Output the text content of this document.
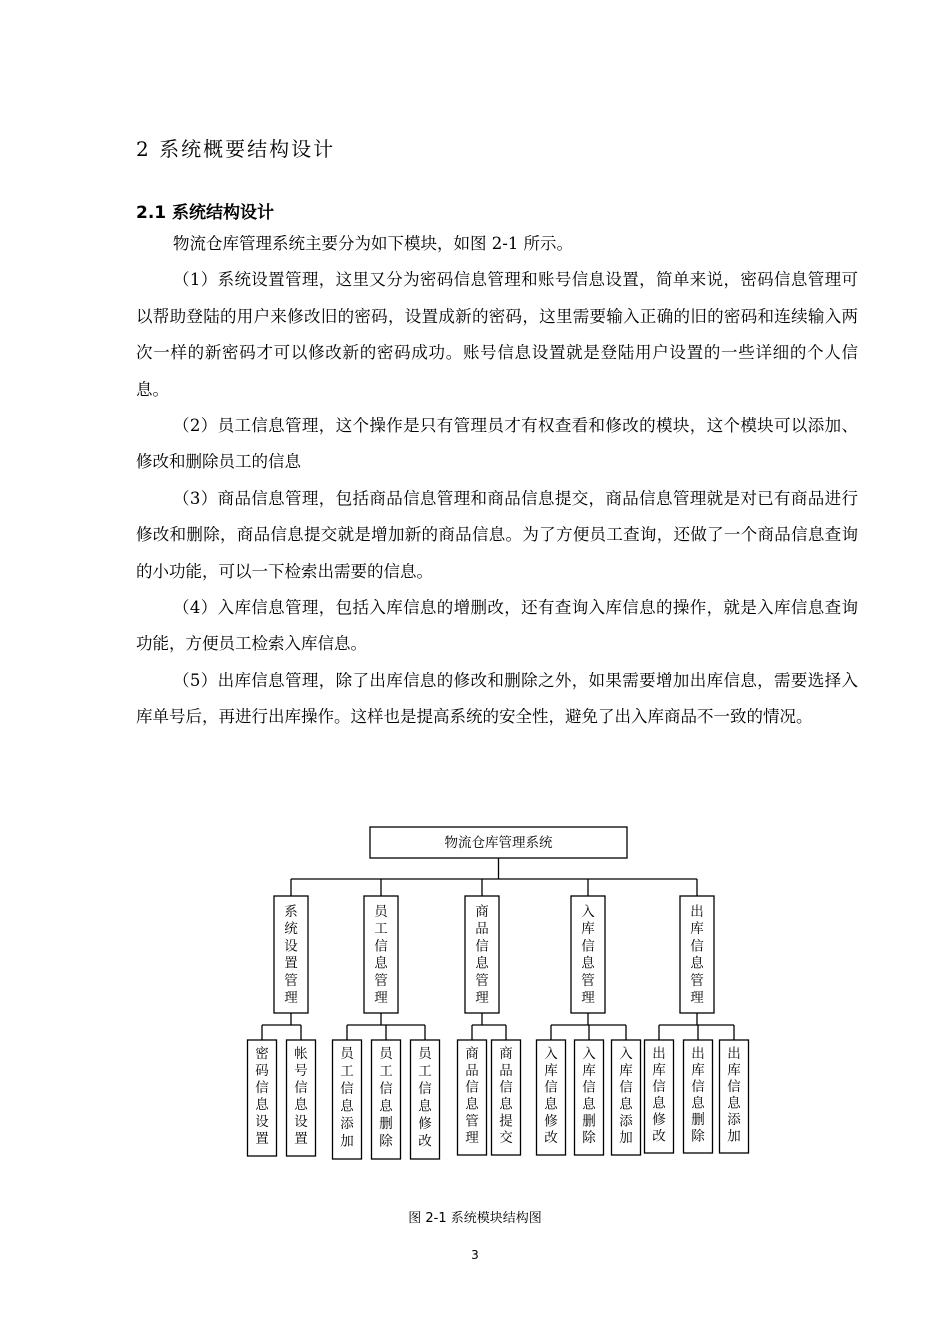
2 系统概要结构设计
2.1 系统结构设计

物流仓库管理系统主要分为如下模块，如图 2-1 所示。

（1）系统设置管理，这里又分为密码信息管理和账号信息设置，简单来说，密码信息管理可以帮助登陆的用户来修改旧的密码，设置成新的密码，这里需要输入正确的旧的密码和连续输入两次一样的新密码才可以修改新的密码成功。账号信息设置就是登陆用户设置的一些详细的个人信息。

（2）员工信息管理，这个操作是只有管理员才有权查看和修改的模块，这个模块可以添加、修改和删除员工的信息

（3）商品信息管理，包括商品信息管理和商品信息提交，商品信息管理就是对已有商品进行修改和删除，商品信息提交就是增加新的商品信息。为了方便员工查询，还做了一个商品信息查询的小功能，可以一下检索出需要的信息。

（4）入库信息管理，包括入库信息的增删改，还有查询入库信息的操作，就是入库信息查询功能，方便员工检索入库信息。

（5）出库信息管理，除了出库信息的修改和删除之外，如果需要增加出库信息，需要选择入库单号后，再进行出库操作。这样也是提高系统的安全性，避免了出入库商品不一致的情况。

物流仓库管理系统
系统设置管理
密码信息设置
帐号信息设置
员工信息管理
员工信息添加
员工信息删除
员工信息修改
商品信息管理
商品信息管理
商品信息提交
入库信息管理
入库信息修改
入库信息删除
入库信息添加
出库信息管理
出库信息修改
出库信息删除
出库信息添加
图 2-1 系统模块结构图
3
